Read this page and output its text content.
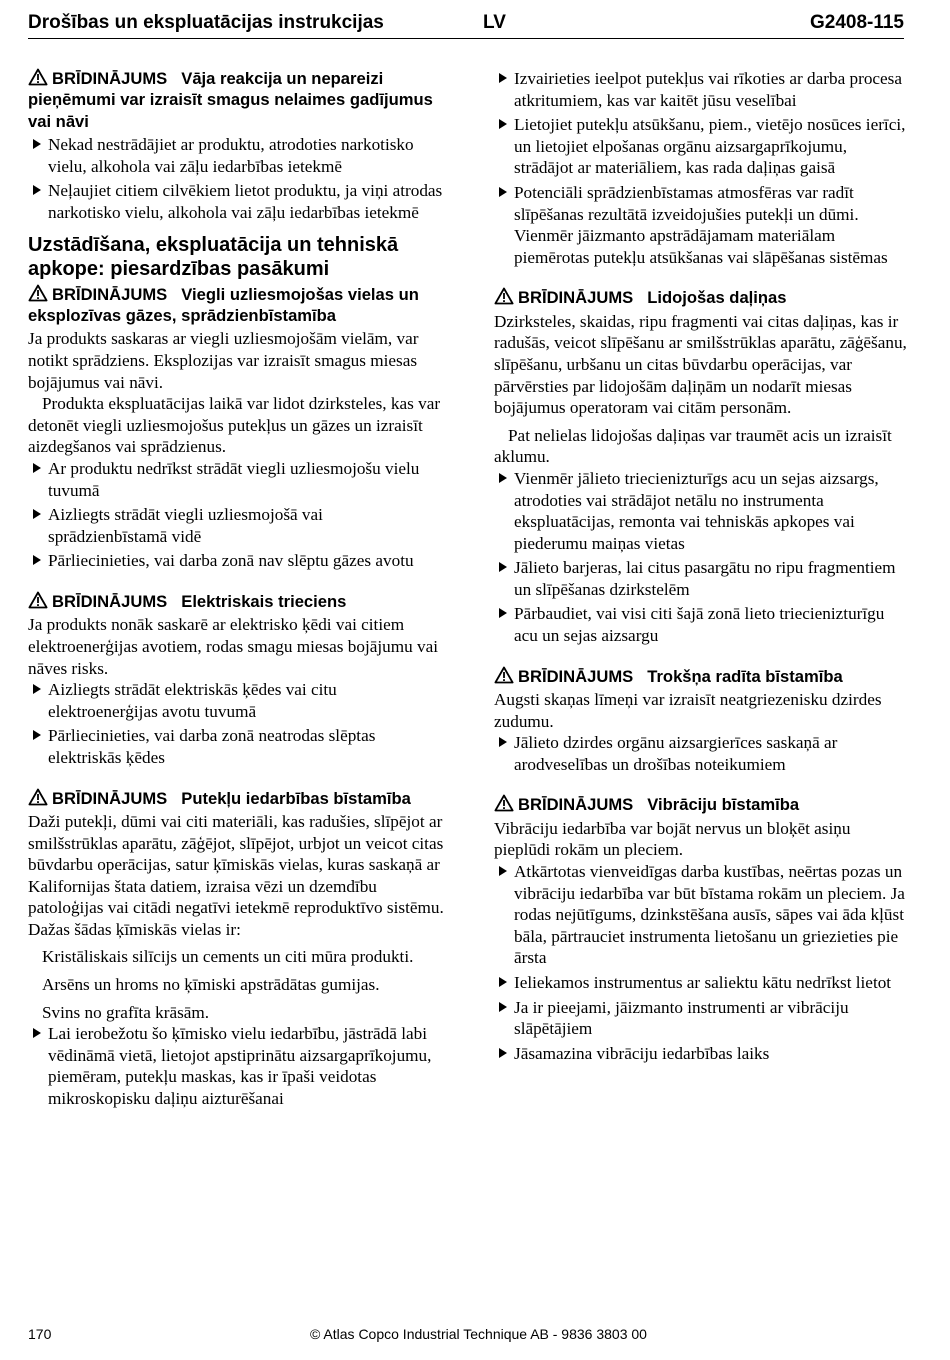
Drošības un ekspluatācijas instrukcijas	LV	G2408-115
BRĪDINĀJUMS Vāja reakcija un nepareizi pieņēmumi var izraisīt smagus nelaimes gadījumus vai nāvi
Nekad nestrādājiet ar produktu, atrodoties narkotisko vielu, alkohola vai zāļu iedarbības ietekmē
Neļaujiet citiem cilvēkiem lietot produktu, ja viņi atrodas narkotisko vielu, alkohola vai zāļu iedarbības ietekmē
Uzstādīšana, ekspluatācija un tehniskā apkope: piesardzības pasākumi
BRĪDINĀJUMS Viegli uzliesmojošas vielas un eksplozīvas gāzes, sprādzienbīstamība

Ja produkts saskaras ar viegli uzliesmojošām vielām, var notikt sprādziens. Eksplozijas var izraisīt smagus miesas bojājumus vai nāvi.

Produkta ekspluatācijas laikā var lidot dzirksteles, kas var detonēt viegli uzliesmojošus putekļus un gāzes un izraisīt aizdegšanos vai sprādzienus.

Ar produktu nedrīkst strādāt viegli uzliesmojošu vielu tuvumā
Aizliegts strādāt viegli uzliesmojošā vai sprādzienbīstamā vidē
Pārliecinieties, vai darba zonā nav slēptu gāzes avotu
BRĪDINĀJUMS Elektriskais trieciens

Ja produkts nonāk saskarē ar elektrisko ķēdi vai citiem elektroenerģijas avotiem, rodas smagu miesas bojājumu vai nāves risks.

Aizliegts strādāt elektriskās ķēdes vai citu elektroenerģijas avotu tuvumā
Pārliecinieties, vai darba zonā neatrodas slēptas elektriskās ķēdes
BRĪDINĀJUMS Putekļu iedarbības bīstamība

Daži putekļi, dūmi vai citi materiāli, kas radušies, slīpējot ar smilšstrūklas aparātu, zāģējot, slīpējot, urbjot un veicot citas būvdarbu operācijas, satur ķīmiskās vielas, kuras saskaņā ar Kalifornijas štata datiem, izraisa vēzi un dzemdību patoloģijas vai citādi negatīvi ietekmē reproduktīvo sistēmu. Dažas šādas ķīmiskās vielas ir:

Kristāliskais silīcijs un cements un citi mūra produkti.

Arsēns un hroms no ķīmiski apstrādātas gumijas.

Svins no grafīta krāsām.

Lai ierobežotu šo ķīmisko vielu iedarbību, jāstrādā labi vēdināmā vietā, lietojot apstiprinātu aizsargaprīkojumu, piemēram, putekļu maskas, kas ir īpaši veidotas mikroskopisku daļiņu aizturēšanai
Izvairieties ieelpot putekļus vai rīkoties ar darba procesa atkritumiem, kas var kaitēt jūsu veselībai
Lietojiet putekļu atsūkšanu, piem., vietējo nosūces ierīci, un lietojiet elpošanas orgānu aizsargaprīkojumu, strādājot ar materiāliem, kas rada daļiņas gaisā
Potenciāli sprādzienbīstamas atmosfēras var radīt slīpēšanas rezultātā izveidojušies putekļi un dūmi. Vienmēr jāizmanto apstrādājamam materiālam piemērotas putekļu atsūkšanas vai slāpēšanas sistēmas
BRĪDINĀJUMS Lidojošas daļiņas

Dzirksteles, skaidas, ripu fragmenti vai citas daļiņas, kas ir radušās, veicot slīpēšanu ar smilšstrūklas aparātu, zāģēšanu, slīpēšanu, urbšanu un citas būvdarbu operācijas, var pārvērsties par lidojošām daļiņām un nodarīt miesas bojājumus operatoram vai citām personām.

Pat nelielas lidojošas daļiņas var traumēt acis un izraisīt aklumu.

Vienmēr jālieto triecienizturīgs acu un sejas aizsargs, atrodoties vai strādājot netālu no instrumenta ekspluatācijas, remonta vai tehniskās apkopes vai piederumu maiņas vietas
Jālieto barjeras, lai citus pasargātu no ripu fragmentiem un slīpēšanas dzirkstelēm
Pārbaudiet, vai visi citi šajā zonā lieto triecienizturīgu acu un sejas aizsargu
BRĪDINĀJUMS Trokšņa radīta bīstamība

Augsti skaņas līmeņi var izraisīt neatgriezenisku dzirdes zudumu.

Jālieto dzirdes orgānu aizsargierīces saskaņā ar arodveselības un drošības noteikumiem
BRĪDINĀJUMS Vibrāciju bīstamība

Vibrāciju iedarbība var bojāt nervus un bloķēt asiņu pieplūdi rokām un pleciem.

Atkārtotas vienveidīgas darba kustības, neērtas pozas un vibrāciju iedarbība var būt bīstama rokām un pleciem. Ja rodas nejūtīgums, dzinkstēšana ausīs, sāpes vai āda kļūst bāla, pārtrauciet instrumenta lietošanu un griezieties pie ārsta
Ieliekamos instrumentus ar saliektu kātu nedrīkst lietot
Ja ir pieejami, jāizmanto instrumenti ar vibrāciju slāpētājiem
Jāsamazina vibrāciju iedarbības laiks
170	© Atlas Copco Industrial Technique AB - 9836 3803 00
